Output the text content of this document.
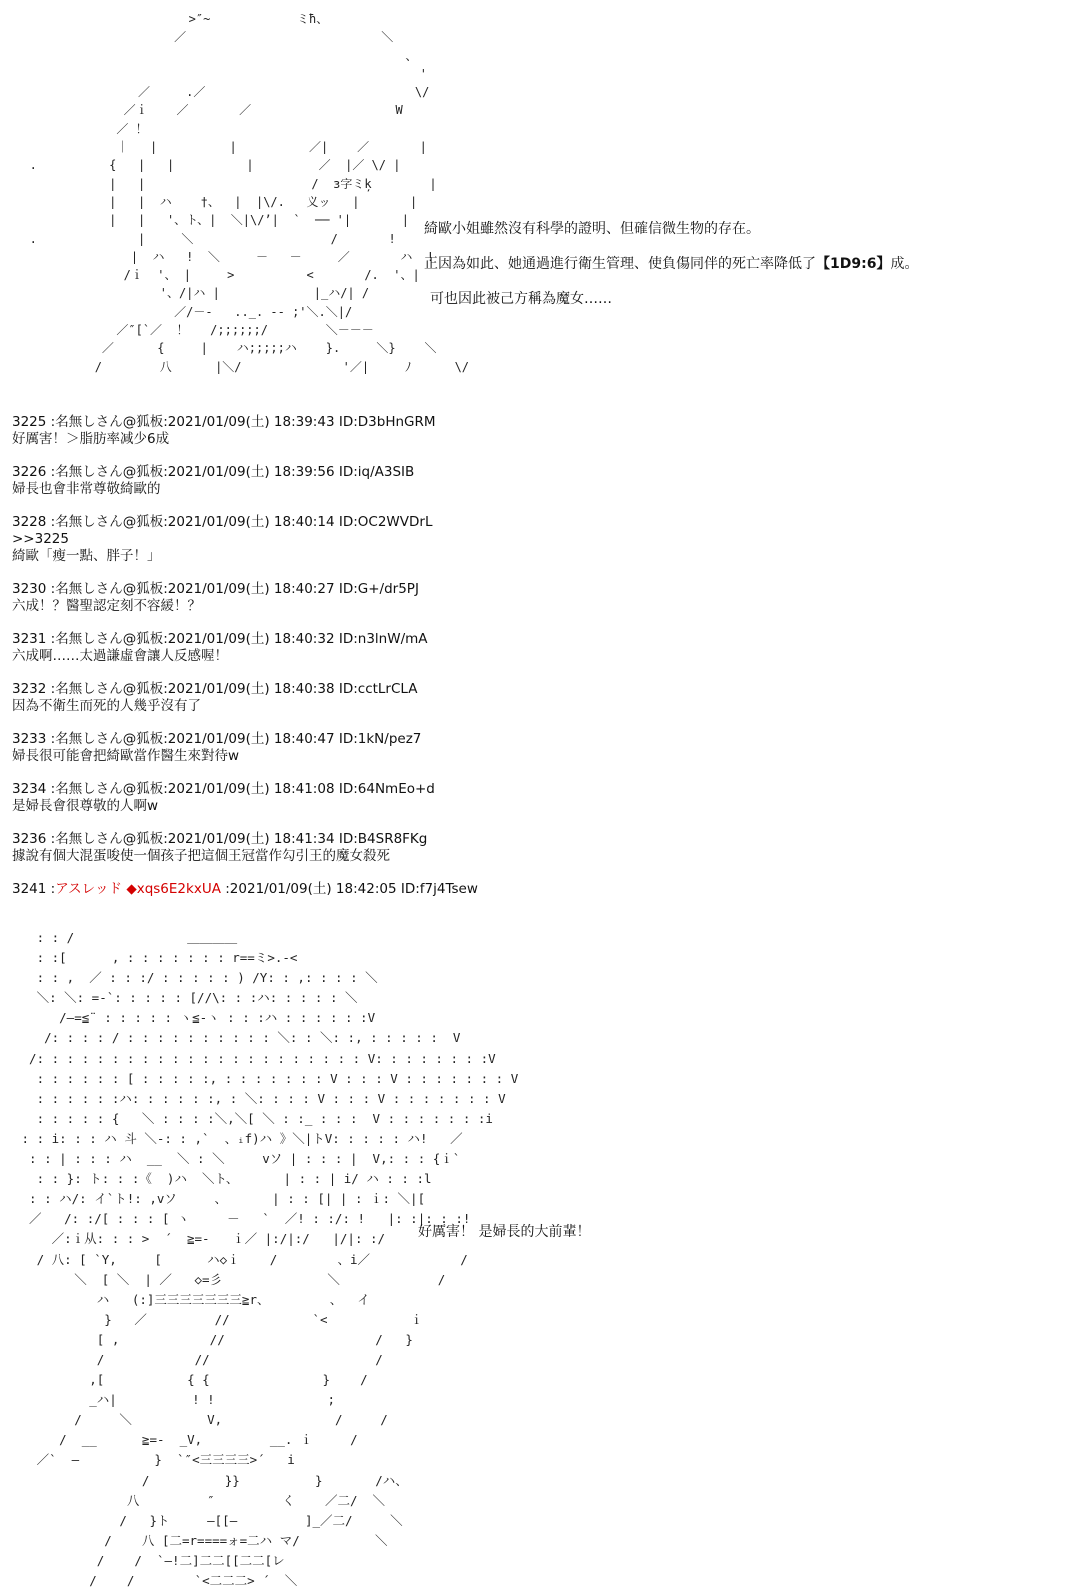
>″~            ミħ、
／                           ＼
、
'
／     .／                             \/
／ｉ    ／       ／                    W
／ ！
｜   |          |          ／|    ／       |
.          {   |   |          |         ／  |／ \/ |
|   |                       /  з字ミķ        |
|   |  ハ    †、  |  |\/.   义ッ   |       |
|   |   '、ト、|  ＼|\/’|  `  ── '|       |
.              |     ＼                   /       !
|  ハ   !  ＼     －   －     ／       ハ  !
/ｉ  '、 |     >          <       /.  '、|
'、/|ハ |             |_ハ/| /
／/－‐   .._. -- ;'＼.＼|/
／″[`／  ！   /;;;;;;/        ＼－－－
／      {     |    ハ;;;;;ハ    }.     ＼}    ＼
/        八      |＼/              '／|     ﾉ      \/

綺歐小姐雖然沒有科學的證明、但確信微生物的存在。
正因為如此、她通過進行衛生管理、使負傷同伴的死亡率降低了【1D9:6】成。
可也因此被己方稱為魔女……
3225 :名無しさん@狐板:2021/01/09(土) 18:39:43 ID:D3bHnGRM
好厲害！＞脂肪率减少6成
3226 :名無しさん@狐板:2021/01/09(土) 18:39:56 ID:iq/A3SIB
婦長也會非常尊敬綺歐的
3228 :名無しさん@狐板:2021/01/09(土) 18:40:14 ID:OC2WVDrL
>>3225
綺歐「瘦一點、胖子！」
3230 :名無しさん@狐板:2021/01/09(土) 18:40:27 ID:G+/dr5PJ
六成！？醫聖認定刻不容緩！？
3231 :名無しさん@狐板:2021/01/09(土) 18:40:32 ID:n3lnW/mA
六成啊……太過謙虛會讓人反感喔！
3232 :名無しさん@狐板:2021/01/09(土) 18:40:38 ID:cctLrCLA
因為不衛生而死的人幾乎沒有了
3233 :名無しさん@狐板:2021/01/09(土) 18:40:47 ID:1kN/pez7
婦長很可能會把綺歐當作醫生來對待w
3234 :名無しさん@狐板:2021/01/09(土) 18:41:08 ID:64NmEo+d
是婦長會很尊敬的人啊w
3236 :名無しさん@狐板:2021/01/09(土) 18:41:34 ID:B4SR8FKg
據說有個大混蛋唆使一個孩子把這個王冠當作勾引王的魔女殺死
3241 :アスレッド ◆xqs6E2kxUA :2021/01/09(土) 18:42:05 ID:f7j4Tsew
: : /               ＿＿＿＿
: :[      , : : : : : : : r==ミ>.-<
: : ,  ／ : : :/ : : : : : ) /Y: : ,: : : : ＼
＼: ＼: =-`: : : : : [//\: : :ハ: : : : : ＼
/—=≦¨ : : : : : ヽ≦-ヽ : : :ハ : : : : : :V
/: : : : / : : : : : : : : : : ＼: : ＼: :, : : : : :  V
/: : : : : : : : : : : : : : : : : : : : : : V: : : : : : : :V
: : : : : : [ : : : : :, : : : : : : : V : : : V : : : : : : : V
: : : : : :ハ: : : : : :, : ＼: : : : V : : : V : : : : : : : V
: : : : : {   ＼ : : : :＼,＼[ ＼ : :_ : : :  V : : : : : : :i
: : i: : : ハ 斗 ＼-: : ,`  、ᵢf)ハ 》＼|トV: : : : : ハ!   ／
: : | : : : ハ  __  ＼ : ＼     vソ | : : : |  V,: : : {ｉ`
: : }: ト: : :《  )ハ  ＼ト、      | : : | i/ ハ : : :l
: : ハ/: イ`ト!: ,vソ     、      | : : [| | : ｉ: ＼|[
／   /: :/[ : : : [ ヽ     －   `  ／! : :/: !   |: :|: : :!
／:ｉ从: : : >  ´  ≧=-   ｉ／ |:/|:/   |/|: :/
/ 八: [ `Y,     [      ハ◇ｉ    /        、i／            /
＼  [ ＼  | ／   ◇=彡              ＼             /
ハ   (:]三三三三三三三≧r、        、  イ
}   ／         //           `<           ｉ
[ ,            //                    /   }
/            //                      /
,[           { {               }    /
_ハ|          ! !               ;
/     ＼          V,               /     /
/  __      ≧=-  _V,         __. ｉ     /
／`  —          }  `″<三三三三>´   i
/          }}          }       /ハ、
八         ″         く    ／二/  ＼
/   }ト     —[[—         ]_／二/     ＼
/    八 [二=r====ォ=二ハ マ/          ＼
/    /  `—!二]二二[[二二[レ
/    /        `<二二二> ´  ＼

好厲害！ 是婦長的大前輩！
